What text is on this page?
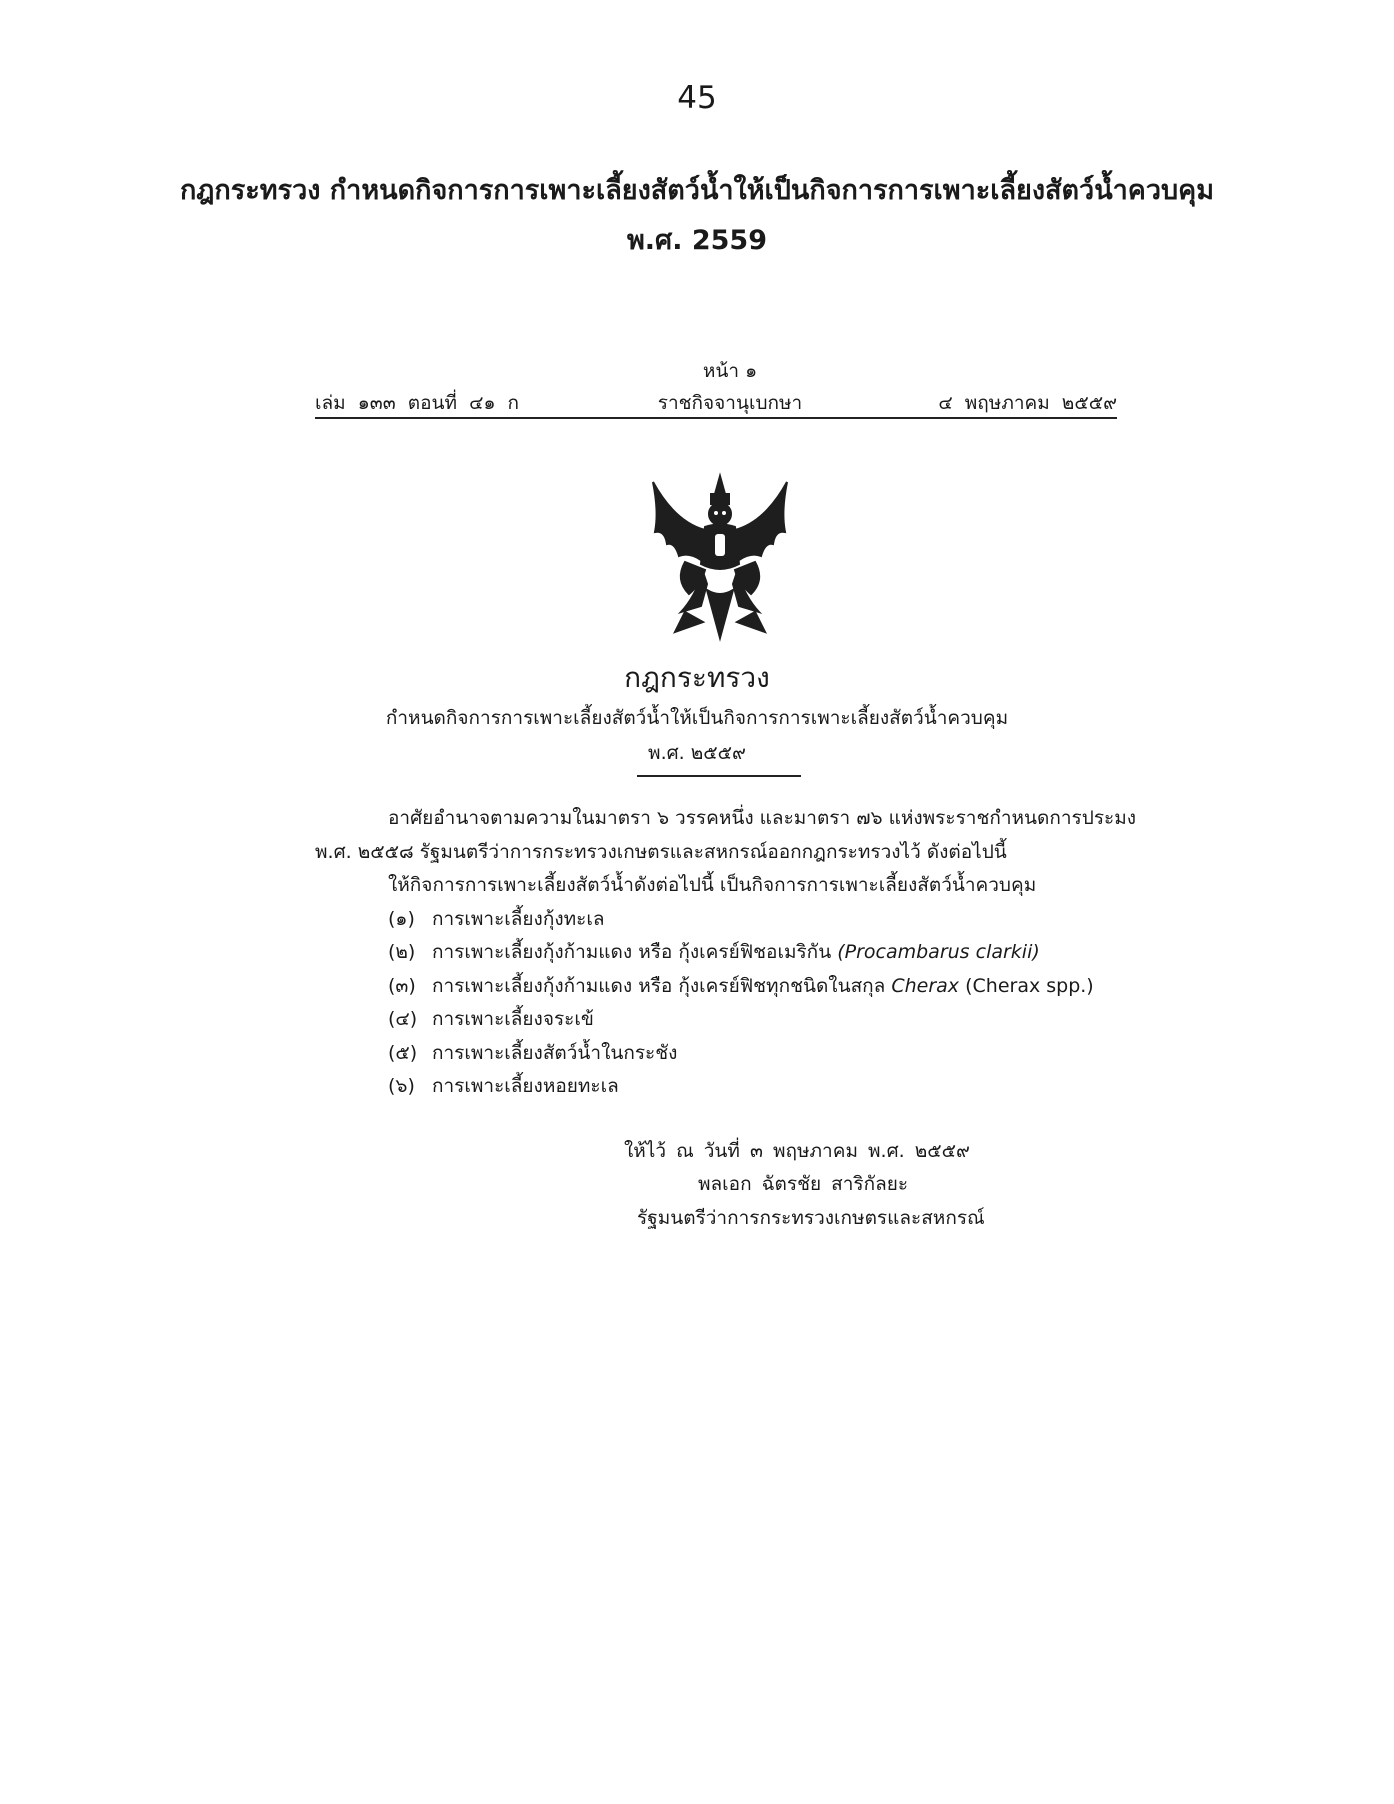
45
กฎกระทรวง กำหนดกิจการการเพาะเลี้ยงสัตว์น้ำให้เป็นกิจการการเพาะเลี้ยงสัตว์น้ำควบคุม
พ.ศ. 2559
หน้า ๑
เล่ม ๑๓๓ ตอนที่ ๔๑ ก	ราชกิจจานุเบกษา	๔ พฤษภาคม ๒๕๕๙
กฎกระทรวง
กำหนดกิจการการเพาะเลี้ยงสัตว์น้ำให้เป็นกิจการการเพาะเลี้ยงสัตว์น้ำควบคุม
พ.ศ. ๒๕๕๙
อาศัยอำนาจตามความในมาตรา ๖ วรรคหนึ่ง และมาตรา ๗๖ แห่งพระราชกำหนดการประมง
พ.ศ. ๒๕๕๘ รัฐมนตรีว่าการกระทรวงเกษตรและสหกรณ์ออกกฎกระทรวงไว้ ดังต่อไปนี้
ให้กิจการการเพาะเลี้ยงสัตว์น้ำดังต่อไปนี้ เป็นกิจการการเพาะเลี้ยงสัตว์น้ำควบคุม
(๑) การเพาะเลี้ยงกุ้งทะเล
(๒) การเพาะเลี้ยงกุ้งก้ามแดง หรือ กุ้งเครย์ฟิชอเมริกัน (Procambarus clarkii)
(๓) การเพาะเลี้ยงกุ้งก้ามแดง หรือ กุ้งเครย์ฟิชทุกชนิดในสกุล Cherax (Cherax spp.)
(๔) การเพาะเลี้ยงจระเข้
(๕) การเพาะเลี้ยงสัตว์น้ำในกระชัง
(๖) การเพาะเลี้ยงหอยทะเล
ให้ไว้ ณ วันที่ ๓ พฤษภาคม พ.ศ. ๒๕๕๙
พลเอก ฉัตรชัย สาริกัลยะ
รัฐมนตรีว่าการกระทรวงเกษตรและสหกรณ์
